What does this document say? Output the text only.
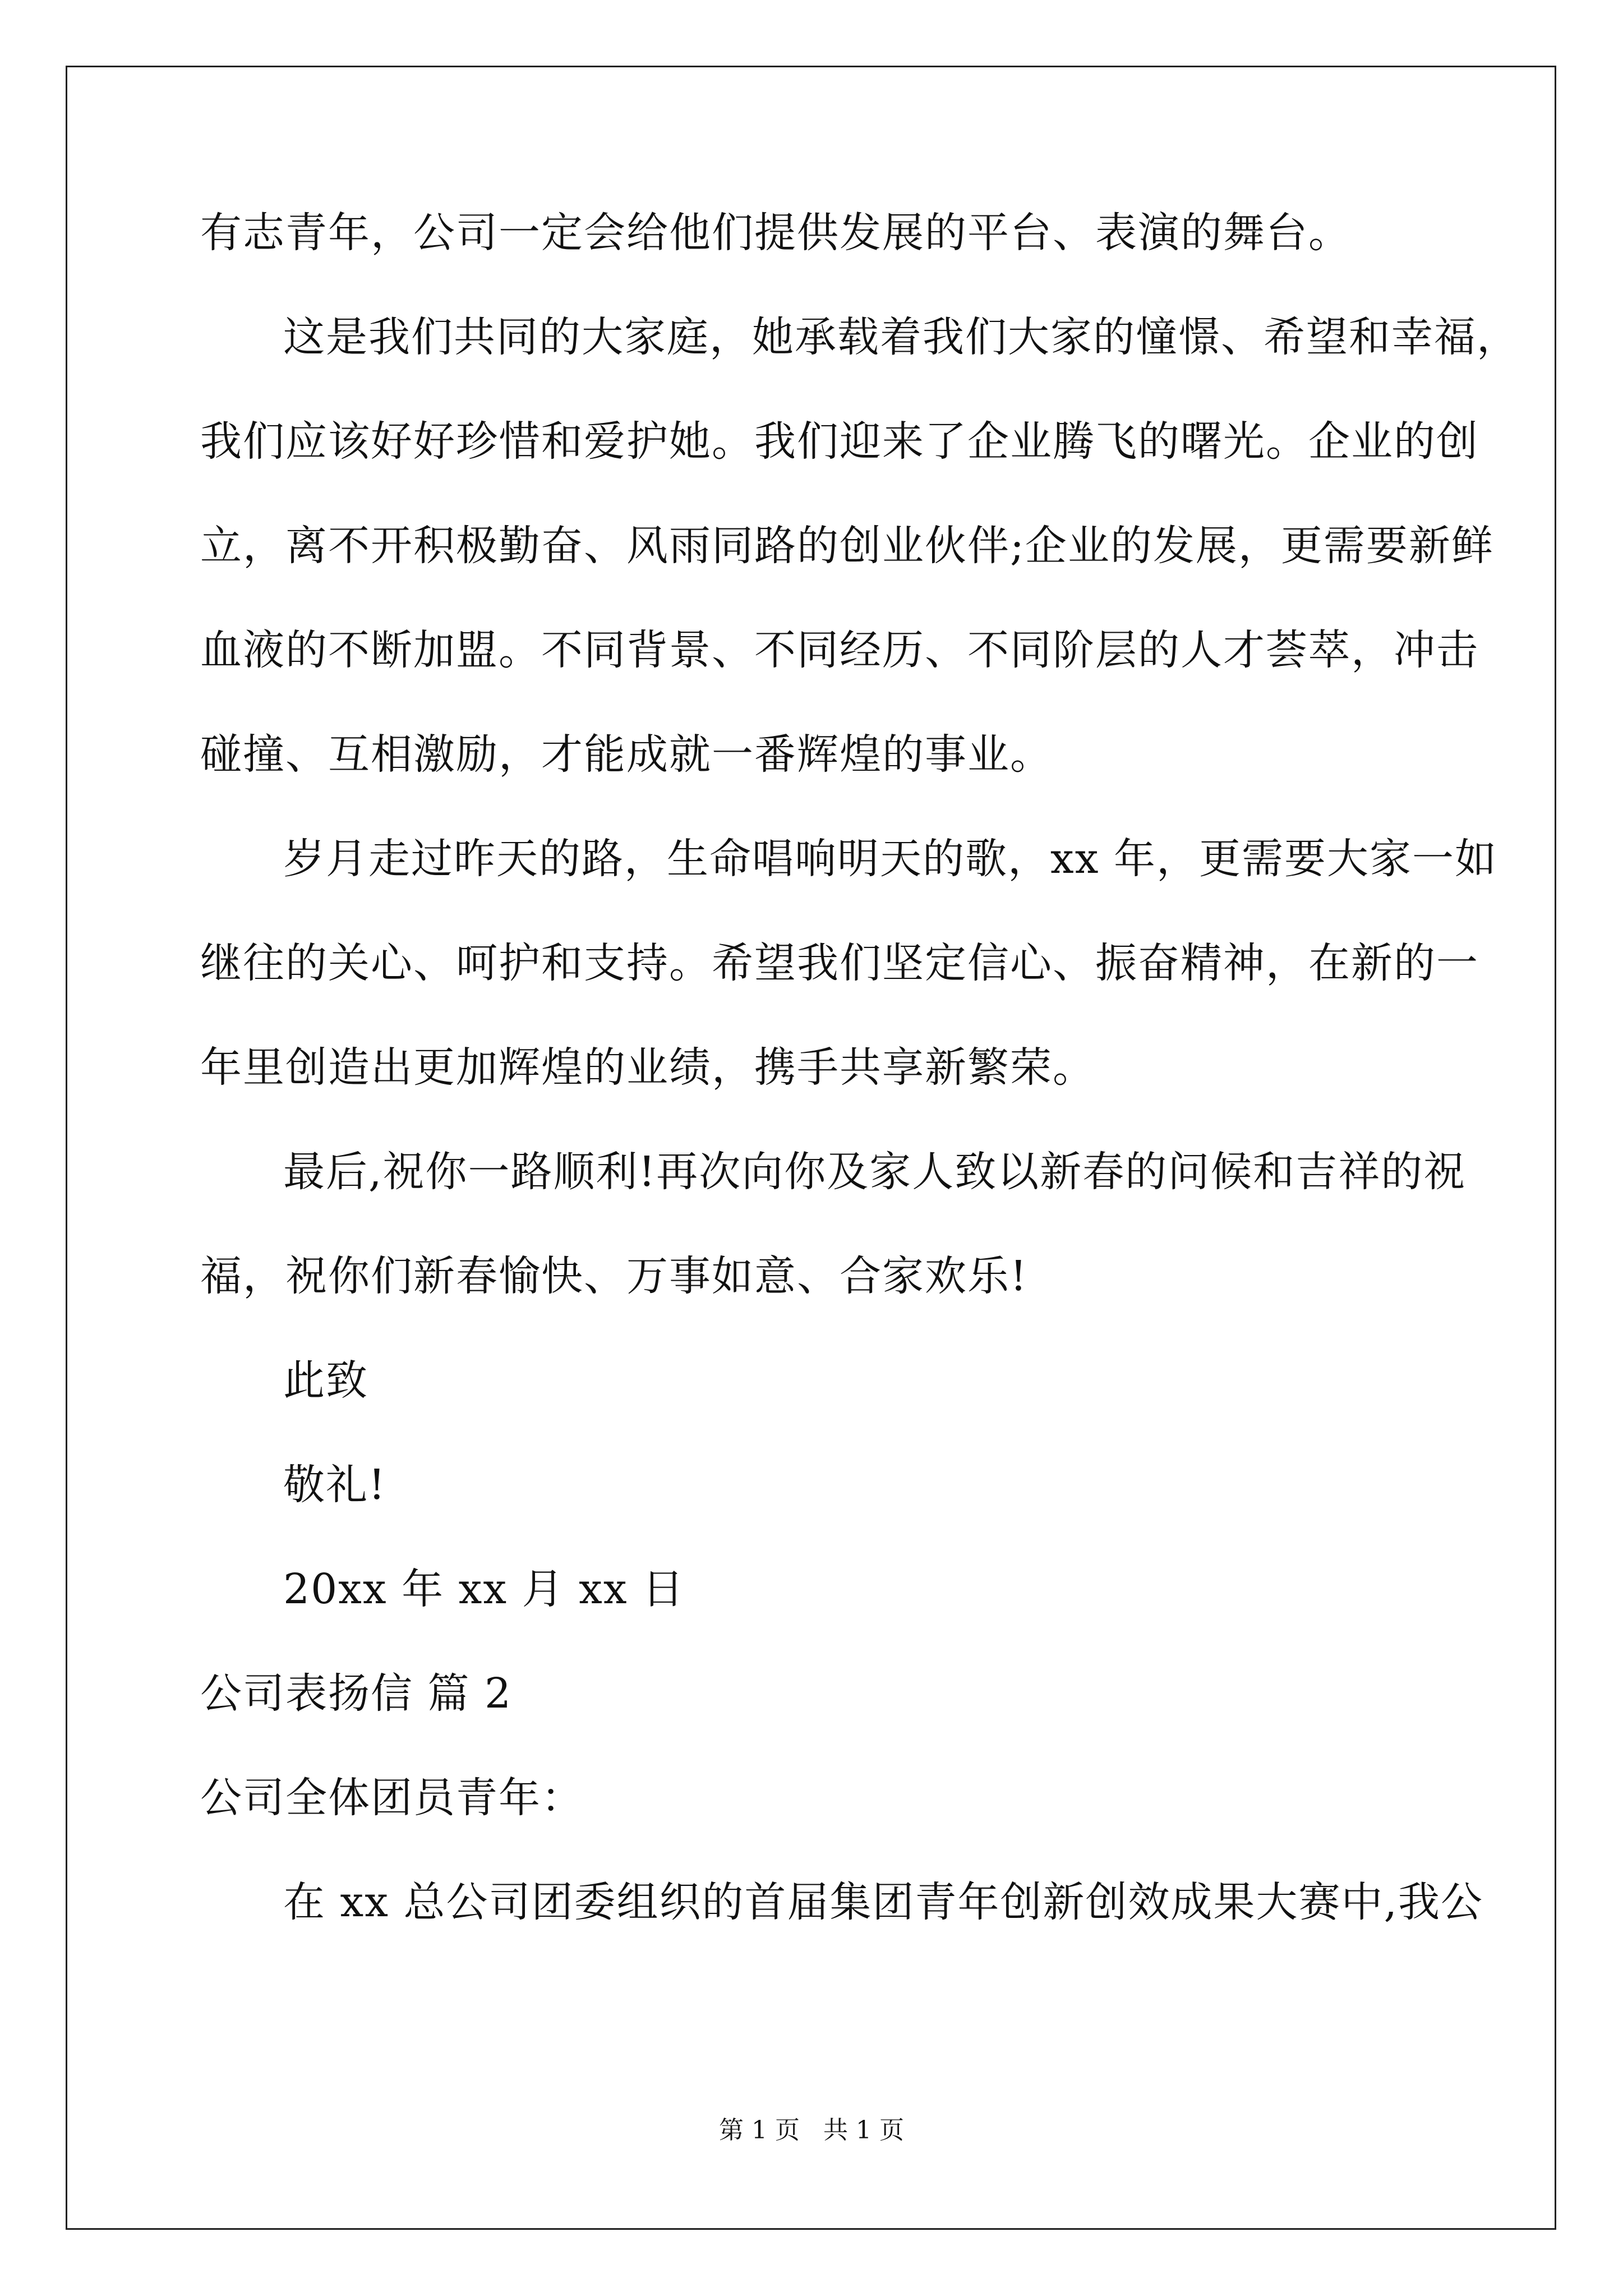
有志青年，公司一定会给他们提供发展的平台、表演的舞台。
这是我们共同的大家庭，她承载着我们大家的憧憬、希望和幸福，
我们应该好好珍惜和爱护她。我们迎来了企业腾飞的曙光。企业的创
立，离不开积极勤奋、风雨同路的创业伙伴;企业的发展，更需要新鲜
血液的不断加盟。不同背景、不同经历、不同阶层的人才荟萃，冲击
碰撞、互相激励，才能成就一番辉煌的事业。
岁月走过昨天的路，生命唱响明天的歌，xx 年，更需要大家一如
继往的关心、呵护和支持。希望我们坚定信心、振奋精神，在新的一
年里创造出更加辉煌的业绩，携手共享新繁荣。
最后,祝你一路顺利!再次向你及家人致以新春的问候和吉祥的祝
福，祝你们新春愉快、万事如意、合家欢乐!
此致
敬礼!
20xx 年 xx 月 xx 日
公司表扬信 篇 2
公司全体团员青年：
在 xx 总公司团委组织的首届集团青年创新创效成果大赛中,我公
第 1 页   共 1 页
